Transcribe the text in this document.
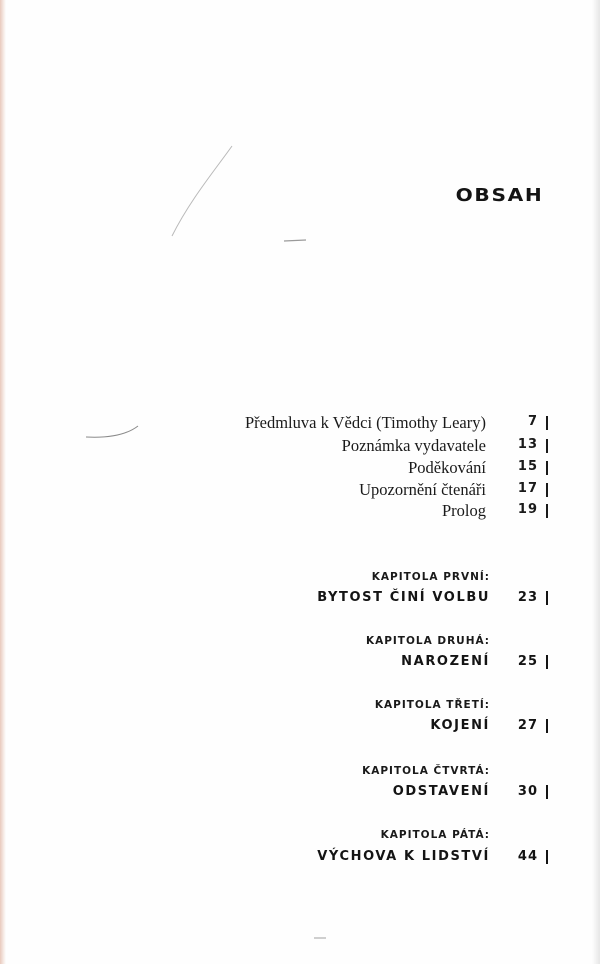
OBSAH
Předmluva k Vědci (Timothy Leary)	7
Poznámka vydavatele 13
Poděkování 15
Upozornění čtenáři 17
Prolog 19
KAPITOLA PRVNÍ:
BYTOST ČINÍ VOLBU 23
KAPITOLA DRUHÁ:
NAROZENÍ 25
KAPITOLA TŘETÍ:
KOJENÍ 27
KAPITOLA ČTVRTÁ:
ODSTAVENÍ 30
KAPITOLA PÁTÁ:
VÝCHOVA K LIDSTVÍ 44
